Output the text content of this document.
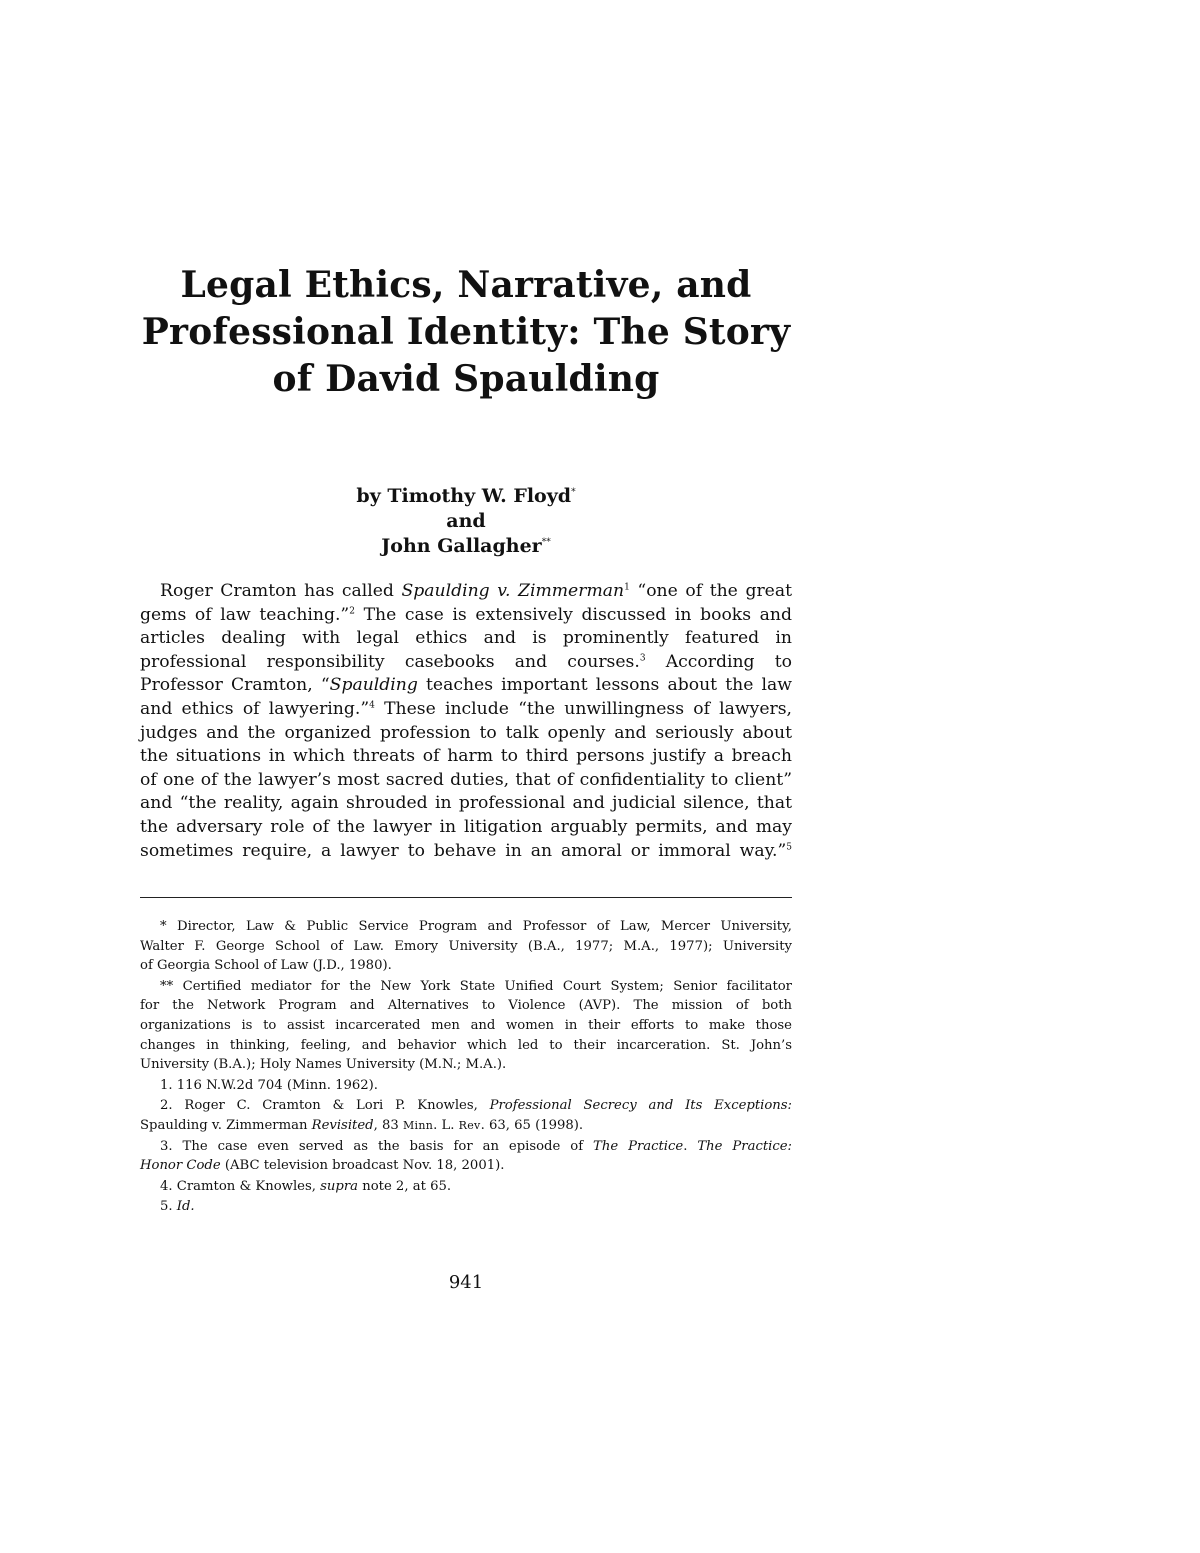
Legal Ethics, Narrative, and
Professional Identity: The Story
of David Spaulding
by Timothy W. Floyd*
and
John Gallagher**
Roger Cramton has called Spaulding v. Zimmerman$^1$ “one of the great
gems of law teaching.”$^2$ The case is extensively discussed in books and
articles dealing with legal ethics and is prominently featured in
professional responsibility casebooks and courses.$^3$ According to
Professor Cramton, “Spaulding teaches important lessons about the law
and ethics of lawyering.”$^4$ These include “the unwillingness of lawyers,
judges and the organized profession to talk openly and seriously about
the situations in which threats of harm to third persons justify a breach
of one of the lawyer’s most sacred duties, that of confidentiality to client”
and “the reality, again shrouded in professional and judicial silence, that
the adversary role of the lawyer in litigation arguably permits, and may
sometimes require, a lawyer to behave in an amoral or immoral way.”$^5$
* Director, Law & Public Service Program and Professor of Law, Mercer University,
Walter F. George School of Law. Emory University (B.A., 1977; M.A., 1977); University
of Georgia School of Law (J.D., 1980).
** Certified mediator for the New York State Unified Court System; Senior facilitator
for the Network Program and Alternatives to Violence (AVP). The mission of both
organizations is to assist incarcerated men and women in their efforts to make those
changes in thinking, feeling, and behavior which led to their incarceration. St. John’s
University (B.A.); Holy Names University (M.N.; M.A.).
1. 116 N.W.2d 704 (Minn. 1962).
2. Roger C. Cramton & Lori P. Knowles, Professional Secrecy and Its Exceptions:
Spaulding v. Zimmerman Revisited, 83 Minn. L. Rev. 63, 65 (1998).
3. The case even served as the basis for an episode of The Practice. The Practice:
Honor Code (ABC television broadcast Nov. 18, 2001).
4. Cramton & Knowles, supra note 2, at 65.
5. Id.
941
